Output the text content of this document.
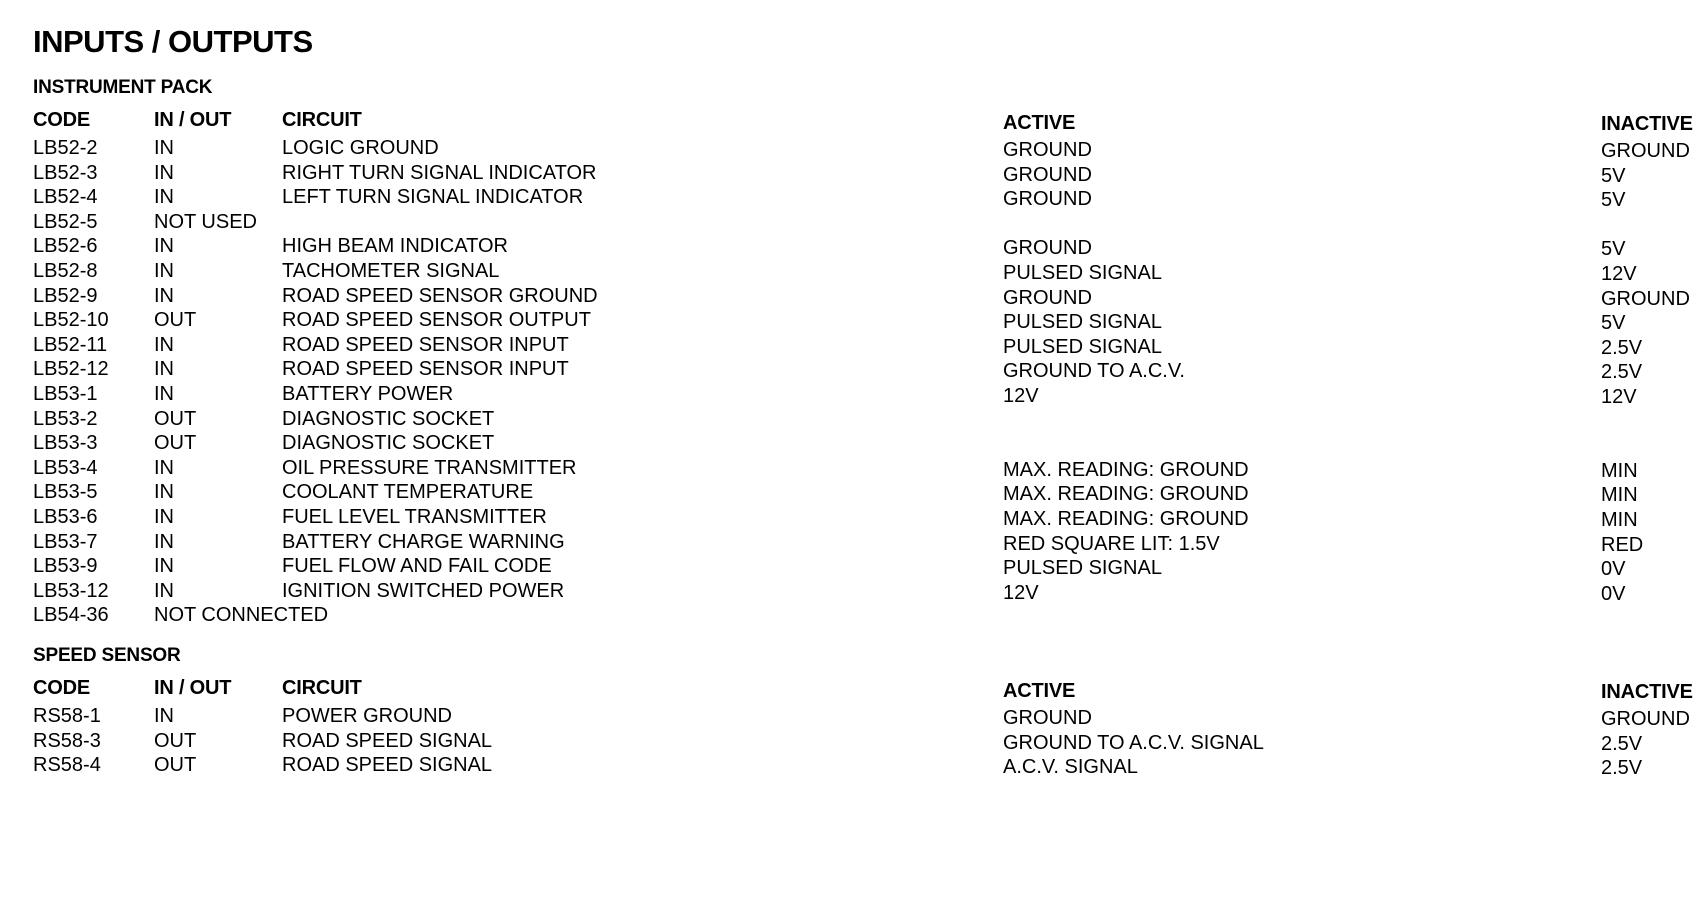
INPUTS / OUTPUTS
INSTRUMENT PACK
CODE	IN / OUT	CIRCUIT	ACTIVE	INACTIVE
LB52-2	IN	LOGIC GROUND	GROUND	GROUND
LB52-3	IN	RIGHT TURN SIGNAL INDICATOR	GROUND	5V
LB52-4	IN	LEFT TURN SIGNAL INDICATOR	GROUND	5V
LB52-5	NOT USED
LB52-6	IN	HIGH BEAM INDICATOR	GROUND	5V
LB52-8	IN	TACHOMETER SIGNAL	PULSED SIGNAL	12V
LB52-9	IN	ROAD SPEED SENSOR GROUND	GROUND	GROUND
LB52-10 OUT	ROAD SPEED SENSOR OUTPUT	PULSED SIGNAL	5V
LB52-11 IN	ROAD SPEED SENSOR INPUT	PULSED SIGNAL	2.5V
LB52-12 IN	ROAD SPEED SENSOR INPUT	GROUND TO A.C.V.	2.5V
LB53-1	IN	BATTERY POWER	12V	12V
LB53-2	OUT	DIAGNOSTIC SOCKET
LB53-3	OUT	DIAGNOSTIC SOCKET
LB53-4	IN	OIL PRESSURE TRANSMITTER	MAX. READING: GROUND	MIN
LB53-5	IN	COOLANT TEMPERATURE	MAX. READING: GROUND	MIN
LB53-6	IN	FUEL LEVEL TRANSMITTER	MAX. READING: GROUND	MIN
LB53-7	IN	BATTERY CHARGE WARNING	RED SQUARE LIT: 1.5V	RED
LB53-9	IN	FUEL FLOW AND FAIL CODE	PULSED SIGNAL	0V
LB53-12 IN	IGNITION SWITCHED POWER	12V	0V
LB54-36 NOT CONNECTED
SPEED SENSOR
CODE	IN / OUT	CIRCUIT	ACTIVE	INACTIVE
RS58-1	IN	POWER GROUND	GROUND	GROUND
RS58-3	OUT	ROAD SPEED SIGNAL	GROUND TO A.C.V. SIGNAL	2.5V
RS58-4	OUT	ROAD SPEED SIGNAL	A.C.V. SIGNAL	2.5V
